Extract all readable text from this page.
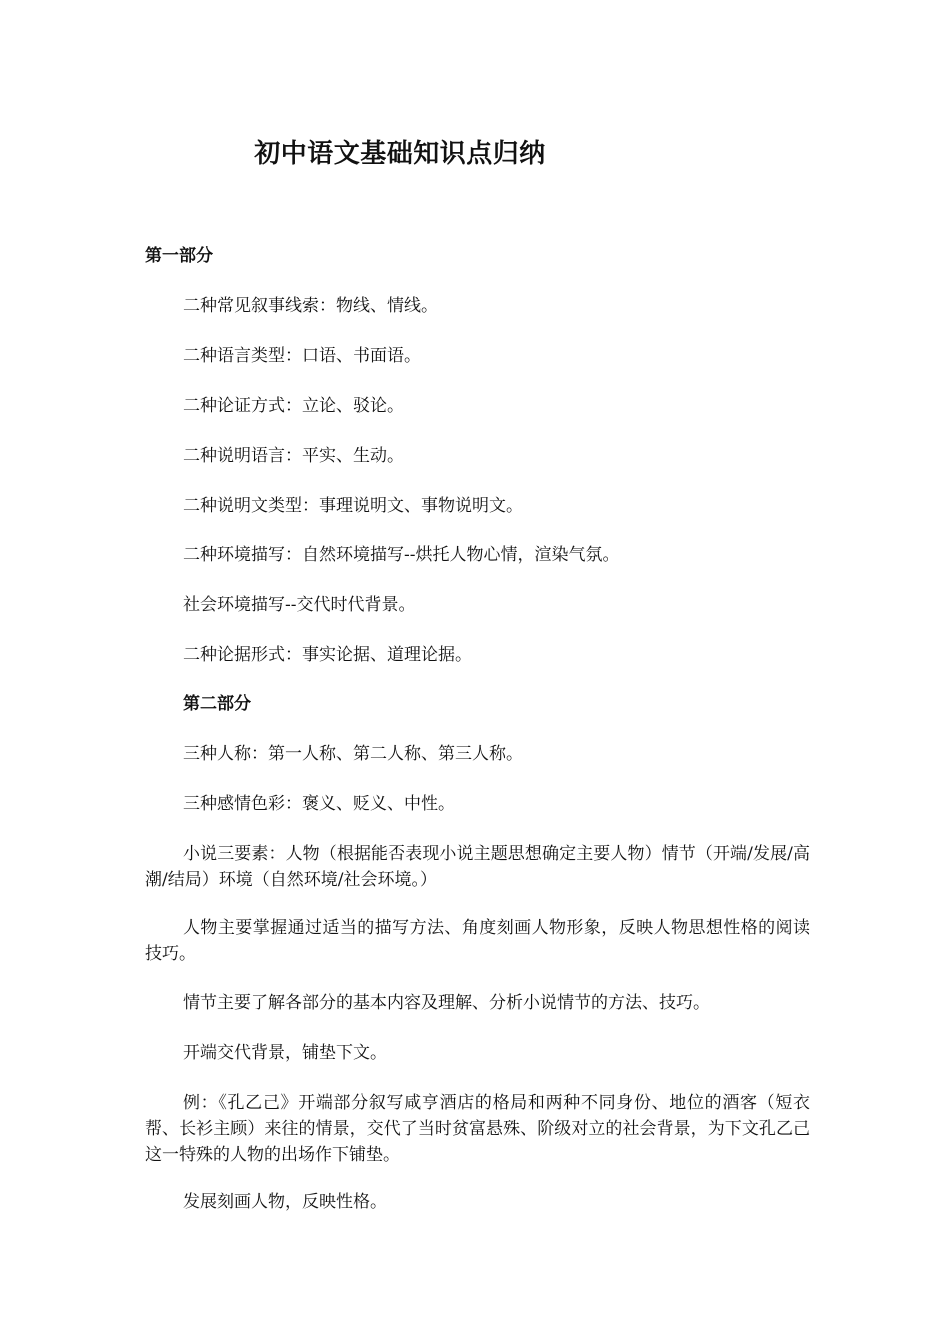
初中语文基础知识点归纳

第一部分

二种常见叙事线索：物线、情线。

二种语言类型：口语、书面语。

二种论证方式：立论、驳论。

二种说明语言：平实、生动。

二种说明文类型：事理说明文、事物说明文。

二种环境描写：自然环境描写--烘托人物心情，渲染气氛。

社会环境描写--交代时代背景。

二种论据形式：事实论据、道理论据。

第二部分

三种人称：第一人称、第二人称、第三人称。

三种感情色彩：褒义、贬义、中性。

小说三要素：人物（根据能否表现小说主题思想确定主要人物）情节（开端/发展/高潮/结局）环境（自然环境/社会环境。）

人物主要掌握通过适当的描写方法、角度刻画人物形象，反映人物思想性格的阅读技巧。

情节主要了解各部分的基本内容及理解、分析小说情节的方法、技巧。

开端交代背景，铺垫下文。

例：《孔乙己》开端部分叙写咸亨酒店的格局和两种不同身份、地位的酒客（短衣帮、长衫主顾）来往的情景，交代了当时贫富悬殊、阶级对立的社会背景，为下文孔乙己这一特殊的人物的出场作下铺垫。

发展刻画人物，反映性格。
